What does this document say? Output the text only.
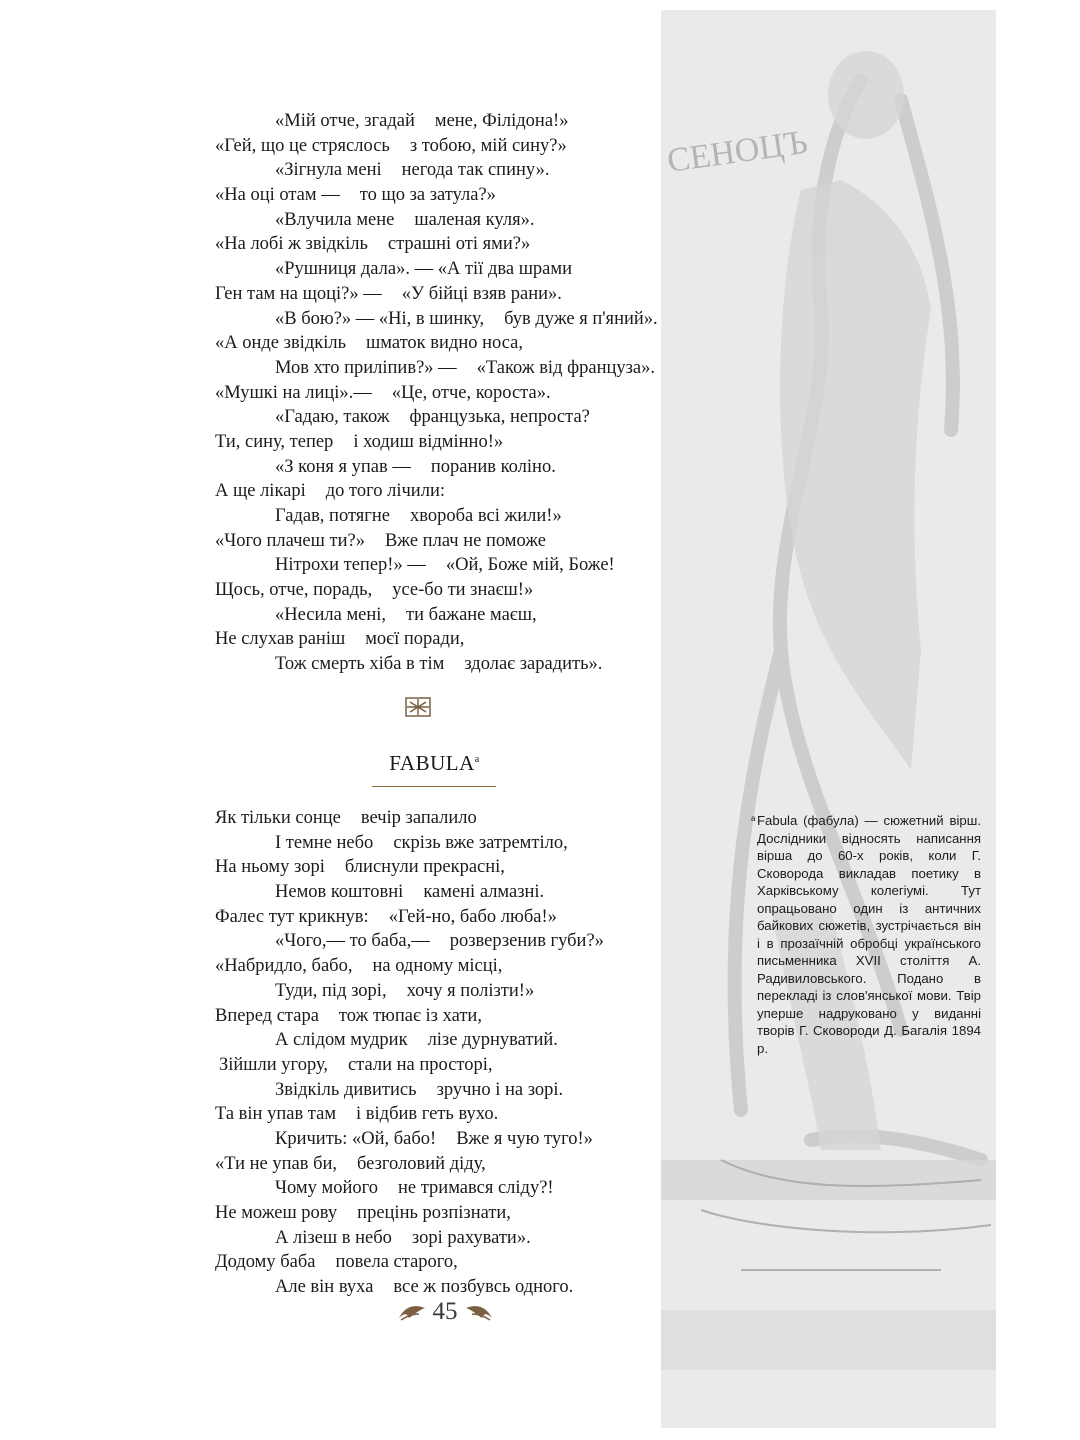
СЕНОЦЪ
«Мій отче, згадай мене, Філідона!»
«Гей, що це стряслось з тобою, мій сину?»
«Зігнула мені негода так спину».
«На оці отам — то що за затула?»
«Влучила мене шаленая куля».
«На лобі ж звідкіль страшні оті ями?»
«Рушниця дала». — «А тії два шрами
Ген там на щоці?» — «У бійці взяв рани».
«В бою?» — «Ні, в шинку, був дуже я п'яний».
«А онде звідкіль шматок видно носа,
Мов хто приліпив?» — «Також від француза».
«Мушкі на лиці».— «Це, отче, короста».
«Гадаю, також французька, непроста?
Ти, сину, тепер і ходиш відмінно!»
«З коня я упав — поранив коліно.
А ще лікарі до того лічили:
Гадав, потягне хвороба всі жили!»
«Чого плачеш ти?» Вже плач не поможе
Нітрохи тепер!» — «Ой, Боже мій, Боже!
Щось, отче, порадь, усе-бо ти знаєш!»
«Несила мені, ти бажане маєш,
Не слухав раніш моєї поради,
Тож смерть хіба в тім здолає зарадить».
$FABULA^а$
Як тільки сонце вечір запалило
І темне небо скрізь вже затремтіло,
На ньому зорі блиснули прекрасні,
Немов коштовні камені алмазні.
Фалес тут крикнув: «Гей-но, бабо люба!»
«Чого,— то баба,— розверзенив губи?»
«Набридло, бабо, на одному місці,
Туди, під зорі, хочу я полізти!»
Вперед стара тож тюпає із хати,
А слідом мудрик лізе дурнуватий.
Зійшли угору, стали на просторі,
Звідкіль дивитись зручно і на зорі.
Та він упав там і відбив геть вухо.
Кричить: «Ой, бабо! Вже я чую туго!»
«Ти не упав би, безголовий діду,
Чому мойого не тримався сліду?!
Не можеш рову прецінь розпізнати,
А лізеш в небо зорі рахувати».
Додому баба повела старого,
Але він вуха все ж позбувсь одного.
а Fabula (фабула) — сюжетний вірш. Дослідники відносять написання вірша до 60-х років, коли Г. Сковорода викладав поетику в Харківському колегіумі. Тут опрацьовано один із античних байкових сюжетів, зустрічається він і в прозаїчній обробці українського письменника XVII століття А. Радивиловського. Подано в перекладі із слов'янської мови. Твір уперше надруковано у виданні творів Г. Сковороди Д. Багалія 1894 р.
45
